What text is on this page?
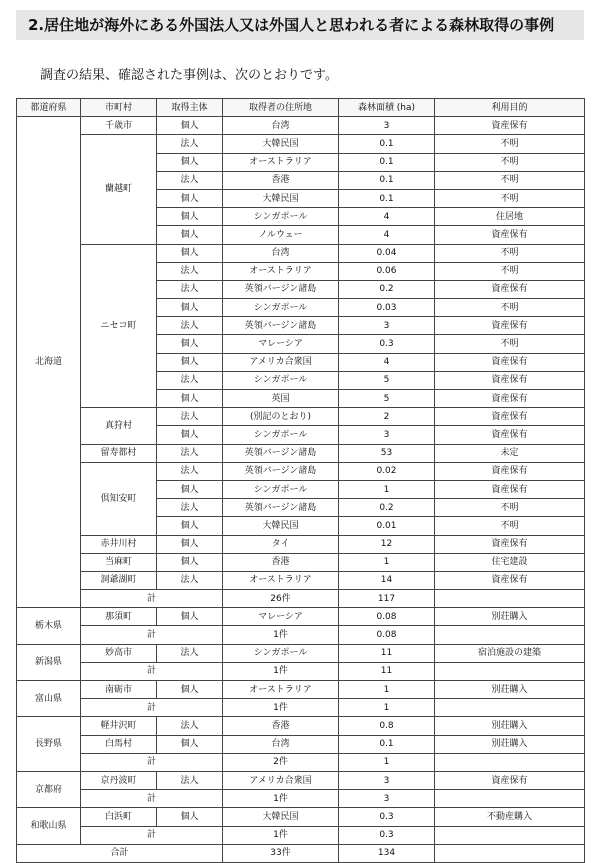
2.居住地が海外にある外国法人又は外国人と思われる者による森林取得の事例
調査の結果、確認された事例は、次のとおりです。
都道府県	市町村	取得主体	取得者の住所地	森林面積 (ha)	利用目的
北海道	千歳市	個人	台湾	3	資産保有
	蘭越町	法人	大韓民国	0.1	不明
		個人	オーストラリア	0.1	不明
		法人	香港	0.1	不明
		個人	大韓民国	0.1	不明
		個人	シンガポール	4	住居地
		個人	ノルウェー	4	資産保有
	ニセコ町	個人	台湾	0.04	不明
		法人	オーストラリア	0.06	不明
		法人	英領バージン諸島	0.2	資産保有
		個人	シンガポール	0.03	不明
		法人	英領バージン諸島	3	資産保有
		個人	マレーシア	0.3	不明
		個人	アメリカ合衆国	4	資産保有
		法人	シンガポール	5	資産保有
		個人	英国	5	資産保有
	真狩村	法人	(別記のとおり)	2	資産保有
		個人	シンガポール	3	資産保有
	留寿都村	法人	英領バージン諸島	53	未定
	倶知安町	法人	英領バージン諸島	0.02	資産保有
		個人	シンガポール	1	資産保有
		法人	英領バージン諸島	0.2	不明
		個人	大韓民国	0.01	不明
	赤井川村	個人	タイ	12	資産保有
	当麻町	個人	香港	1	住宅建設
	洞爺湖町	法人	オーストラリア	14	資産保有
	計		26件	117	
栃木県	那須町	個人	マレーシア	0.08	別荘購入
	計		1件	0.08	
新潟県	妙高市	法人	シンガポール	11	宿泊施設の建築
	計		1件	11	
富山県	南砺市	個人	オーストラリア	1	別荘購入
	計		1件	1	
長野県	軽井沢町	法人	香港	0.8	別荘購入
	白馬村	個人	台湾	0.1	別荘購入
	計		2件	1	
京都府	京丹波町	法人	アメリカ合衆国	3	資産保有
	計		1件	3	
和歌山県	白浜町	個人	大韓民国	0.3	不動産購入
	計		1件	0.3	
合計			33件	134	
